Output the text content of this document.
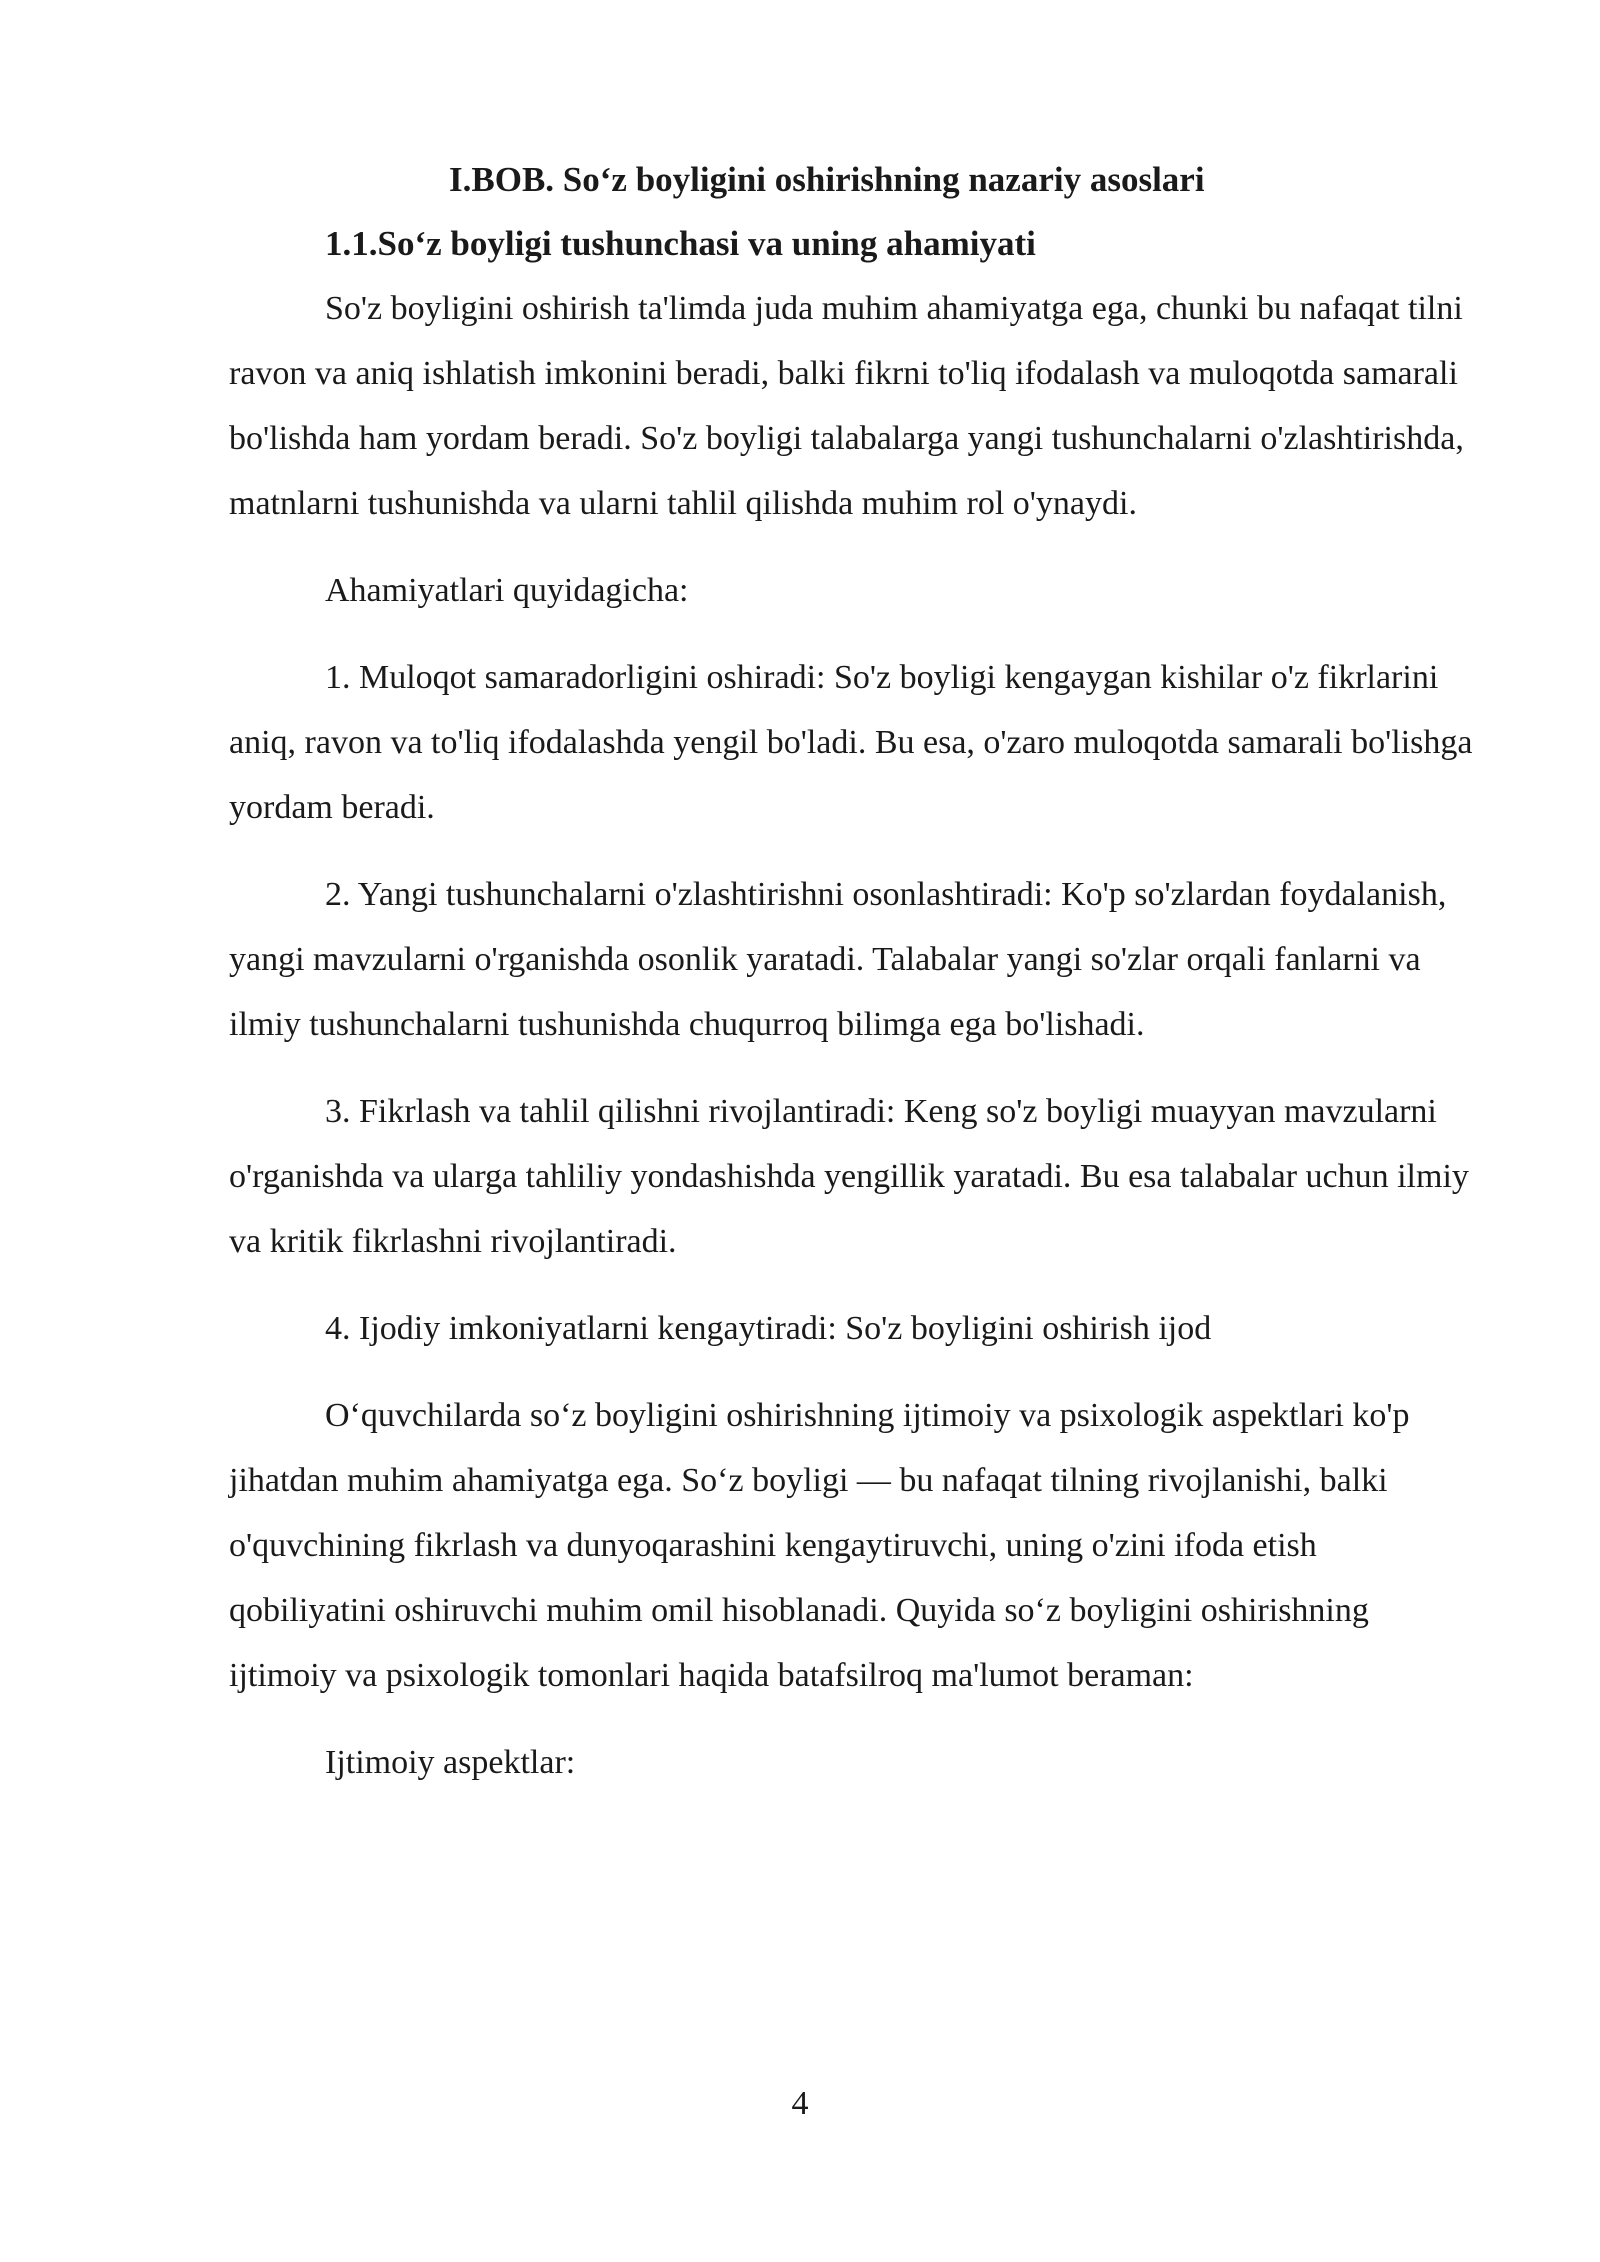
I.BOB. So‘z boyligini oshirishning nazariy asoslari
1.1.So‘z boyligi tushunchasi va uning ahamiyati

So'z boyligini oshirish ta'limda juda muhim ahamiyatga ega, chunki bu nafaqat tilni ravon va aniq ishlatish imkonini beradi, balki fikrni to'liq ifodalash va muloqotda samarali bo'lishda ham yordam beradi. So'z boyligi talabalarga yangi tushunchalarni o'zlashtirishda, matnlarni tushunishda va ularni tahlil qilishda muhim rol o'ynaydi.

Ahamiyatlari quyidagicha:

1. Muloqot samaradorligini oshiradi: So'z boyligi kengaygan kishilar o'z fikrlarini aniq, ravon va to'liq ifodalashda yengil bo'ladi. Bu esa, o'zaro muloqotda samarali bo'lishga yordam beradi.

2. Yangi tushunchalarni o'zlashtirishni osonlashtiradi: Ko'p so'zlardan foydalanish, yangi mavzularni o'rganishda osonlik yaratadi. Talabalar yangi so'zlar orqali fanlarni va ilmiy tushunchalarni tushunishda chuqurroq bilimga ega bo'lishadi.

3. Fikrlash va tahlil qilishni rivojlantiradi: Keng so'z boyligi muayyan mavzularni o'rganishda va ularga tahliliy yondashishda yengillik yaratadi. Bu esa talabalar uchun ilmiy va kritik fikrlashni rivojlantiradi.

4. Ijodiy imkoniyatlarni kengaytiradi: So'z boyligini oshirish ijod

O‘quvchilarda so‘z boyligini oshirishning ijtimoiy va psixologik aspektlari ko'p jihatdan muhim ahamiyatga ega. So‘z boyligi — bu nafaqat tilning rivojlanishi, balki o'quvchining fikrlash va dunyoqarashini kengaytiruvchi, uning o'zini ifoda etish qobiliyatini oshiruvchi muhim omil hisoblanadi. Quyida so‘z boyligini oshirishning ijtimoiy va psixologik tomonlari haqida batafsilroq ma'lumot beraman:

Ijtimoiy aspektlar:

4
